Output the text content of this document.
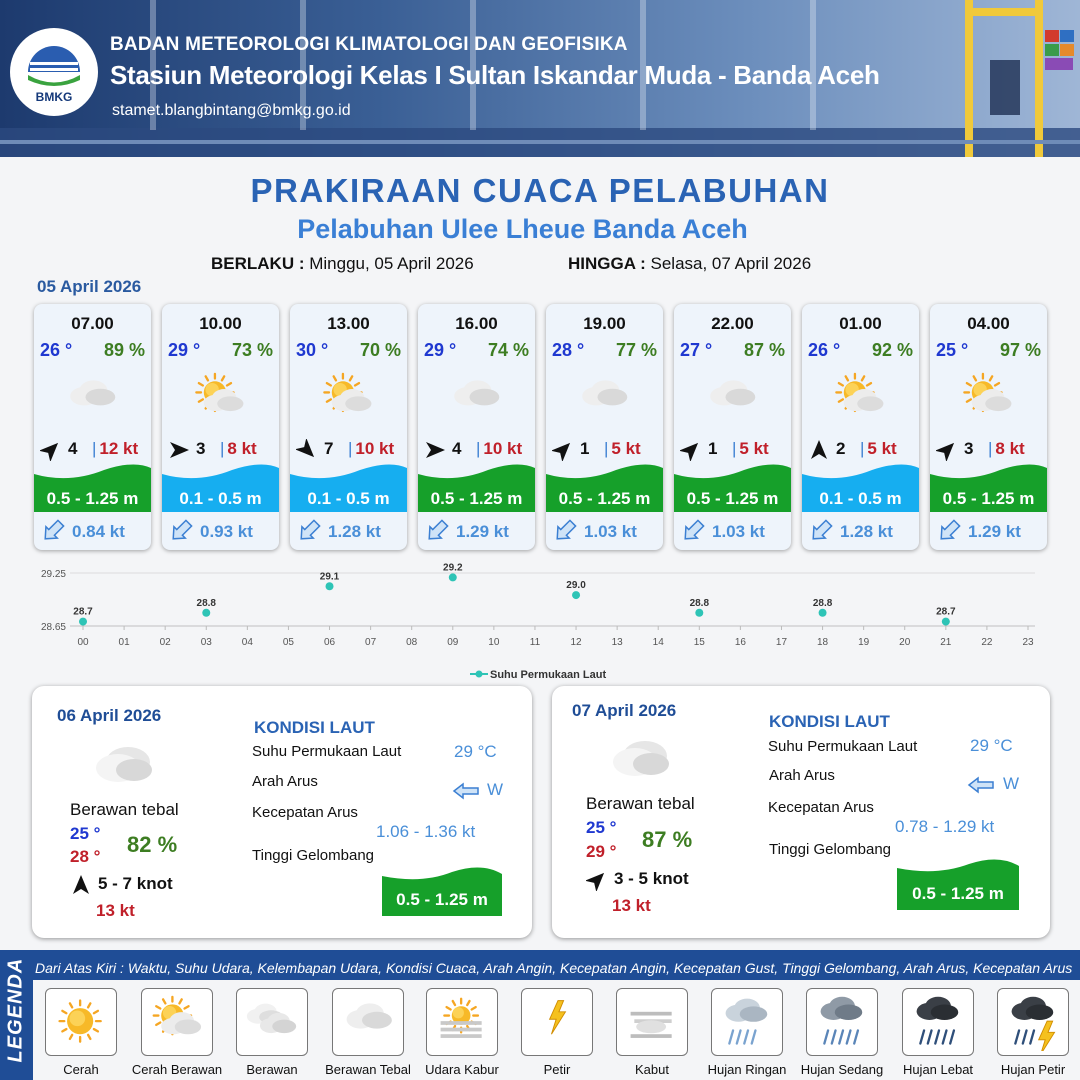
BMKG
BADAN METEOROLOGI KLIMATOLOGI DAN GEOFISIKA
Stasiun Meteorologi Kelas I Sultan Iskandar Muda - Banda Aceh
stamet.blangbintang@bmkg.go.id
PRAKIRAAN CUACA PELABUHAN
Pelabuhan Ulee Lheue Banda Aceh
BERLAKU : Minggu, 05 April 2026	HINGGA : Selasa, 07 April 2026
05 April 2026
07.00
26 ° 89 %
4 | 12 kt
0.5 - 1.25 m
0.84 kt
10.00
29 ° 73 %
3 | 8 kt
0.1 - 0.5 m
0.93 kt
13.00
30 ° 70 %
7 | 10 kt
0.1 - 0.5 m
1.28 kt
16.00
29 ° 74 %
4 | 10 kt
0.5 - 1.25 m
1.29 kt
19.00
28 ° 77 %
1 | 5 kt
0.5 - 1.25 m
1.03 kt
22.00
27 ° 87 %
1 | 5 kt
0.5 - 1.25 m
1.03 kt
01.00
26 ° 92 %
2 | 5 kt
0.1 - 0.5 m
1.28 kt
04.00
25 ° 97 %
3 | 8 kt
0.5 - 1.25 m
1.29 kt
29.25
28.65
00	01	02	03	04	05	06	07	08	09	10	11	12	13	14	15	16	17	18	19	20	21	22	23
28.7
28.8
29.1
29.2
29.0
28.8	28.8
28.7
Suhu Permukaan Laut
06 April 2026
Berawan tebal
25 °
28 ° 82 %
5 - 7 knot
13 kt
KONDISI LAUT
Suhu Permukaan Laut	29 °C
Arah Arus	W
Kecepatan Arus
1.06 - 1.36 kt
Tinggi Gelombang
0.5 - 1.25 m
07 April 2026
Berawan tebal
25 °
29 ° 87 %
3 - 5 knot
13 kt
KONDISI LAUT
Suhu Permukaan Laut	29 °C
Arah Arus	W
Kecepatan Arus
0.78 - 1.29 kt
Tinggi Gelombang
0.5 - 1.25 m
LEGENDA Dari Atas Kiri : Waktu, Suhu Udara, Kelembapan Udara, Kondisi Cuaca, Arah Angin, Kecepatan Angin, Kecepatan Gust, Tinggi Gelombang, Arah Arus, Kecepatan Arus
Cerah	Cerah Berawan	Berawan	Berawan Tebal	Udara Kabur	Petir	Kabut	Hujan Ringan	Hujan Sedang	Hujan Lebat	Hujan Petir
